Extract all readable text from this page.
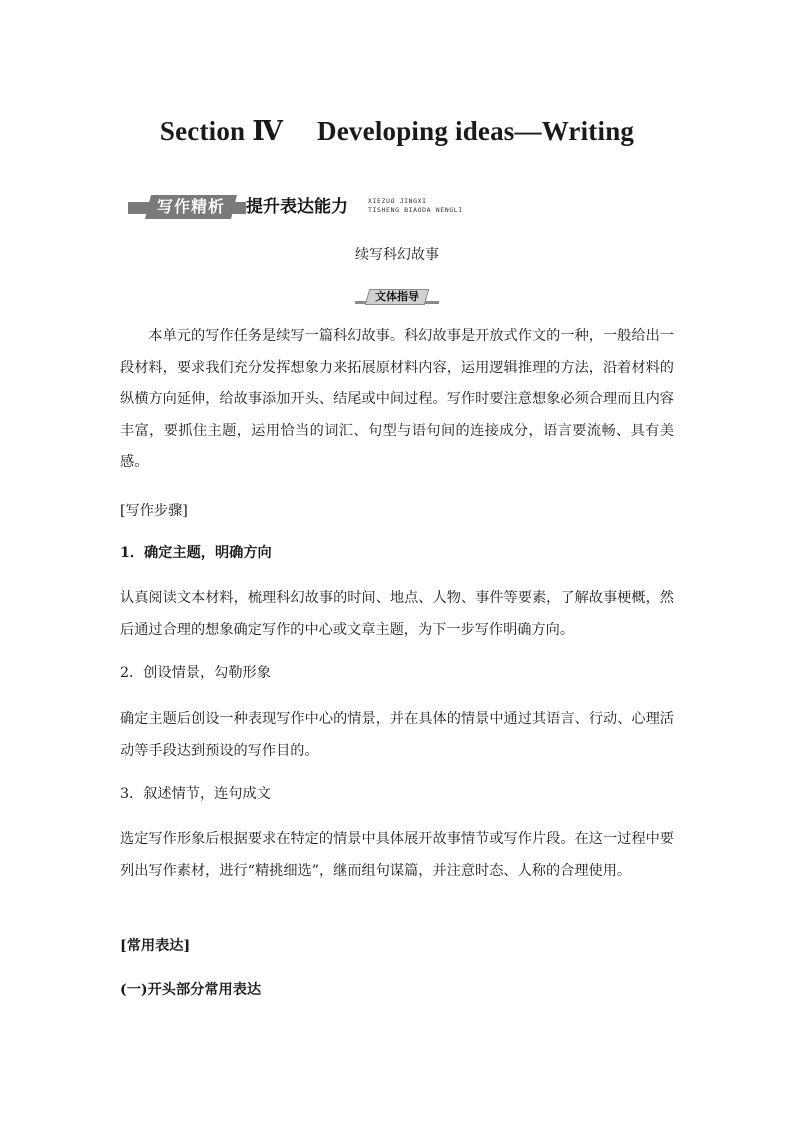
Section Ⅳ Developing ideas—Writing
写作精析	提升表达能力	XIEZUO JINGXI
TISHENG BIAODA NENGLI
续写科幻故事
文体指导

本单元的写作任务是续写一篇科幻故事。科幻故事是开放式作文的一种，一般给出一段材料，要求我们充分发挥想象力来拓展原材料内容，运用逻辑推理的方法，沿着材料的纵横方向延伸，给故事添加开头、结尾或中间过程。写作时要注意想象必须合理而且内容丰富，要抓住主题，运用恰当的词汇、句型与语句间的连接成分，语言要流畅、具有美感。

[写作步骤]
1．确定主题，明确方向

认真阅读文本材料，梳理科幻故事的时间、地点、人物、事件等要素，了解故事梗概，然后通过合理的想象确定写作的中心或文章主题，为下一步写作明确方向。

2．创设情景，勾勒形象

确定主题后创设一种表现写作中心的情景，并在具体的情景中通过其语言、行动、心理活动等手段达到预设的写作目的。

3．叙述情节，连句成文

选定写作形象后根据要求在特定的情景中具体展开故事情节或写作片段。在这一过程中要列出写作素材，进行“精挑细选”，继而组句谋篇，并注意时态、人称的合理使用。

[常用表达]
(一)开头部分常用表达
